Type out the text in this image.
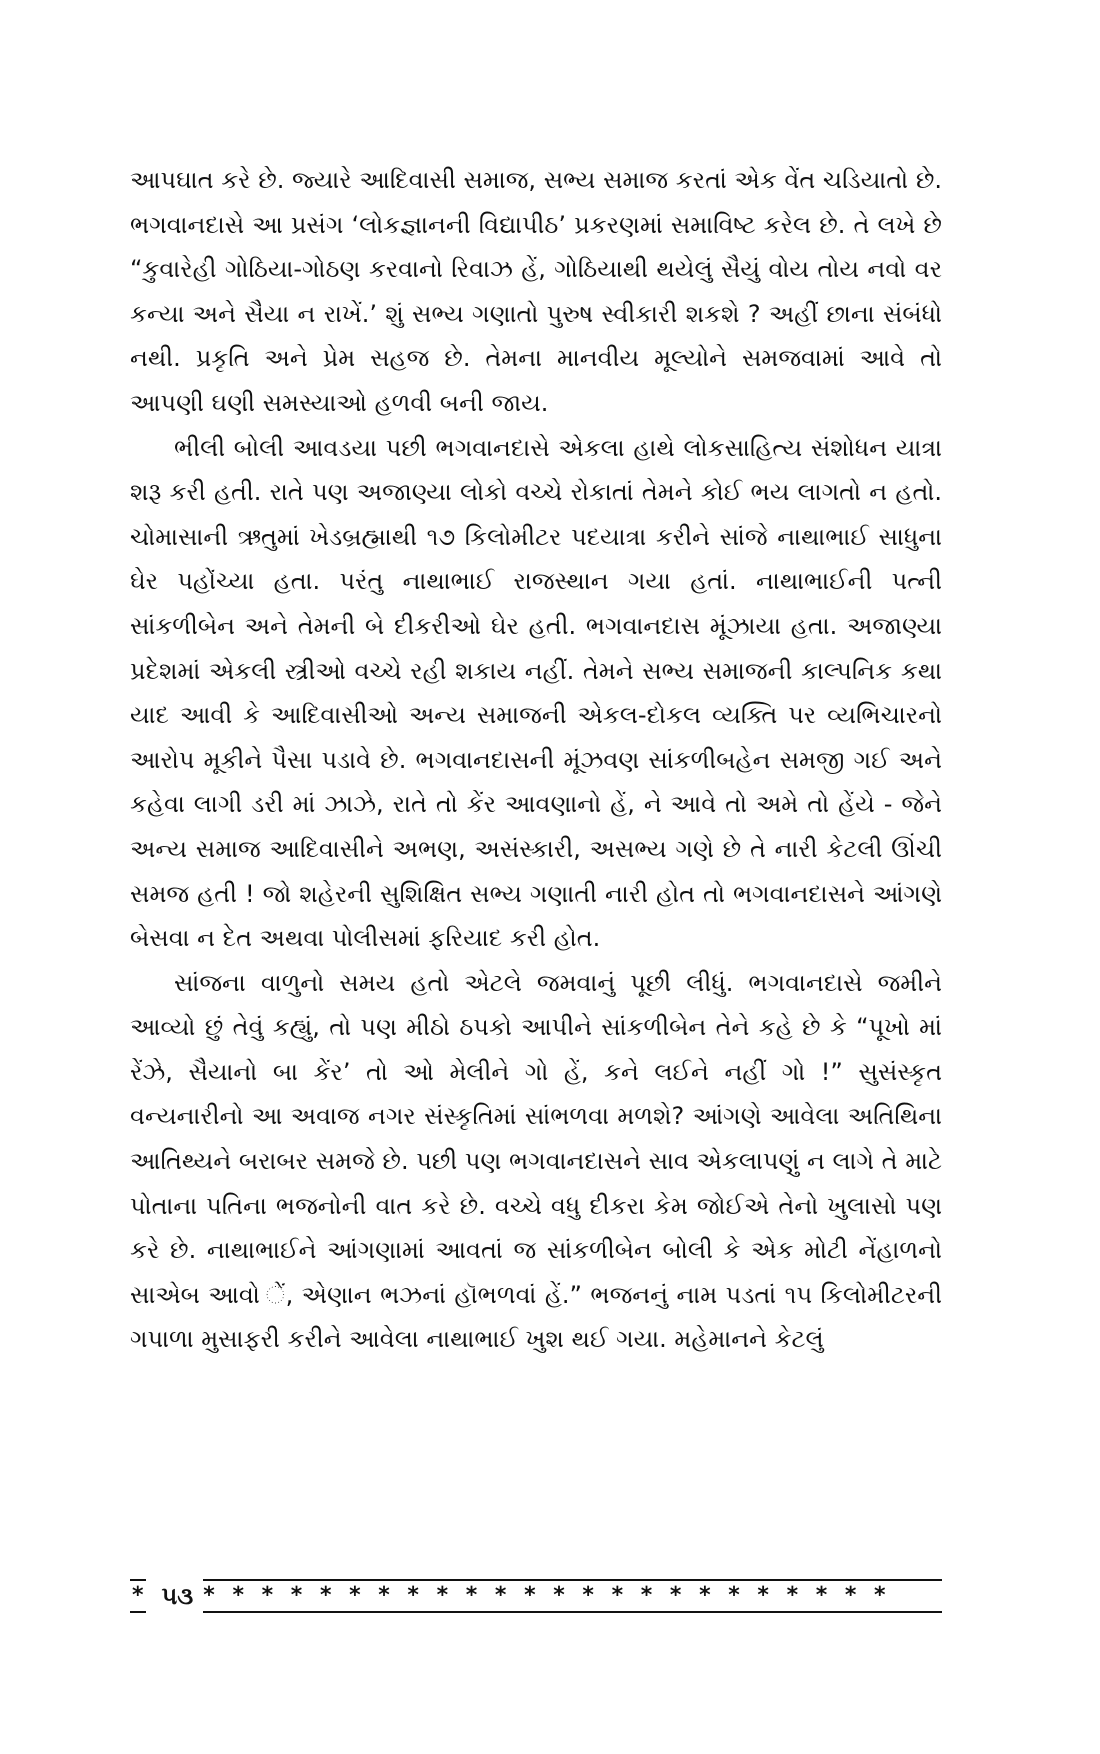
આપઘાત કરે છે. જ્યારે આદિવાસી સમાજ, સભ્ય સમાજ કરતાં એક વેંત ચડિયાતો છે. ભગવાનદાસે આ પ્રસંગ ‘લોકજ્ઞાનની વિદ્યાપીઠ’ પ્રકરણમાં સમાવિષ્ટ કરેલ છે. તે લખે છે “કુવારેહી ગોઠિયા-ગોઠણ કરવાનો રિવાઝ હેં, ગોઠિયાથી થયેલું સૈયું વોય તોય નવો વર કન્યા અને સૈયા ન રાખેં.’ શું સભ્ય ગણાતો પુરુષ સ્વીકારી શકશે ? અહીં છાના સંબંધો નથી. પ્રકૃતિ અને પ્રેમ સહજ છે. તેમના માનવીય મૂલ્યોને સમજવામાં આવે તો આપણી ઘણી સમસ્યાઓ હળવી બની જાય.

ભીલી બોલી આવડયા પછી ભગવાનદાસે એકલા હાથે લોકસાહિત્ય સંશોધન યાત્રા શરૂ કરી હતી. રાતે પણ અજાણ્યા લોકો વચ્ચે રોકાતાં તેમને કોઈ ભય લાગતો ન હતો. ચોમાસાની ઋતુમાં ખેડબ્રહ્માથી ૧૭ કિલોમીટર પદયાત્રા કરીને સાંજે નાથાભાઈ સાધુના ઘેર પહોંચ્યા હતા. પરંતુ નાથાભાઈ રાજસ્થાન ગયા હતાં. નાથાભાઈની પત્ની સાંકળીબેન અને તેમની બે દીકરીઓ ઘેર હતી. ભગવાનદાસ મૂંઝાયા હતા. અજાણ્યા પ્રદેશમાં એકલી સ્ત્રીઓ વચ્ચે રહી શકાય નહીં. તેમને સભ્ય સમાજની કાલ્પનિક કથા યાદ આવી કે આદિવાસીઓ અન્ય સમાજની એકલ-દોકલ વ્યક્તિ પર વ્યભિચારનો આરોપ મૂકીને પૈસા પડાવે છે. ભગવાનદાસની મૂંઝવણ સાંકળીબહેન સમજી ગઈ અને કહેવા લાગી ડરી માં ઝાઝે, રાતે તો કેંર આવણાનો હેં, ને આવે તો અમે તો હેંયે - જેને અન્ય સમાજ આદિવાસીને અભણ, અસંસ્કારી, અસભ્ય ગણે છે તે નારી કેટલી ઊંચી સમજ હતી ! જો શહેરની સુશિક્ષિત સભ્ય ગણાતી નારી હોત તો ભગવાનદાસને આંગણે બેસવા ન દેત અથવા પોલીસમાં ફરિયાદ કરી હોત.

સાંજના વાળુનો સમય હતો એટલે જમવાનું પૂછી લીધું. ભગવાનદાસે જમીને આવ્યો છું તેવું કહ્યું, તો પણ મીઠો ઠપકો આપીને સાંકળીબેન તેને કહે છે કે “પૂખો માં રેંઝે, સૈયાનો બા કેંર’ તો ઓ મેલીને ગો હેં, કને લઈને નહીં ગો !” સુસંસ્કૃત વન્યનારીનો આ અવાજ નગર સંસ્કૃતિમાં સાંભળવા મળશે? આંગણે આવેલા અતિથિના આતિથ્યને બરાબર સમજે છે. પછી પણ ભગવાનદાસને સાવ એકલાપણું ન લાગે તે માટે પોતાના પતિના ભજનોની વાત કરે છે. વચ્ચે વધુ દીકરા કેમ જોઈએ તેનો ખુલાસો પણ કરે છે. નાથાભાઈને આંગણામાં આવતાં જ સાંકળીબેન બોલી કે એક મોટી નેંહાળનો સાએબ આવો ેં, એણાન ભઝનાં હૉભળવાં હેં.” ભજનનું નામ પડતાં ૧૫ કિલોમીટરની ગપાળા મુસાફરી કરીને આવેલા નાથાભાઈ ખુશ થઈ ગયા. મહેમાનને કેટલું

* ૫૩ * * * * * * * * * * * * * * * * * * * * * * * *
